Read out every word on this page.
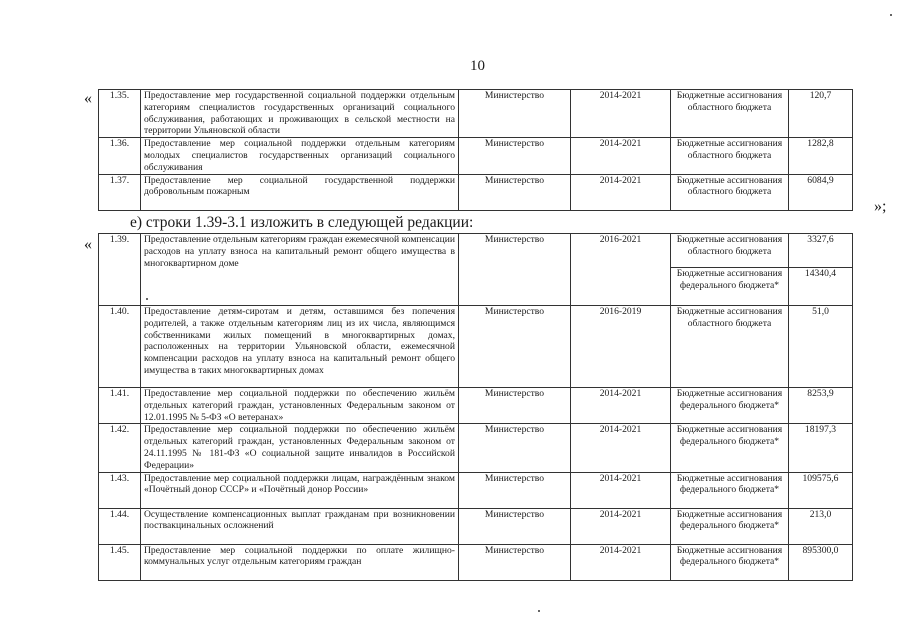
10
«
»;
е) строки 1.39-3.1 изложить в следующей редакции:
«
1.35.	Предоставление мер государственной социальной поддержки отдельным категориям специалистов государственных организаций социального обслуживания, работающих и проживающих в сельской местности на территории Ульяновской области	Министерство	2014-2021	Бюджетные ассигнования областного бюджета	120,7
1.36.	Предоставление мер социальной поддержки отдельным категориям молодых специалистов государственных организаций социального обслуживания	Министерство	2014-2021	Бюджетные ассигнования областного бюджета	1282,8
1.37.	Предоставление мер социальной государственной поддержки добровольным пожарным	Министерство	2014-2021	Бюджетные ассигнования областного бюджета	6084,9
1.39.	Предоставление отдельным категориям граждан ежемесячной компенсации расходов на уплату взноса на капитальный ремонт общего имущества в многоквартирном доме	Министерство	2016-2021	Бюджетные ассигнования областного бюджета	3327,6
				Бюджетные ассигнования федерального бюджета*	14340,4
1.40.	Предоставление детям-сиротам и детям, оставшимся без попечения родителей, а также отдельным категориям лиц из их числа, являющимся собственниками жилых помещений в многоквартирных домах, расположенных на территории Ульяновской области, ежемесячной компенсации расходов на уплату взноса на капитальный ремонт общего имущества в таких многоквартирных домах	Министерство	2016-2019	Бюджетные ассигнования областного бюджета	51,0
1.41.	Предоставление мер социальной поддержки по обеспечению жильём отдельных категорий граждан, установленных Федеральным законом от 12.01.1995 № 5-ФЗ «О ветеранах»	Министерство	2014-2021	Бюджетные ассигнования федерального бюджета*	8253,9
1.42.	Предоставление мер социальной поддержки по обеспечению жильём отдельных категорий граждан, установленных Федеральным законом от 24.11.1995 № 181-ФЗ «О социальной защите инвалидов в Российской Федерации»	Министерство	2014-2021	Бюджетные ассигнования федерального бюджета*	18197,3
1.43.	Предоставление мер социальной поддержки лицам, награждённым знаком «Почётный донор СССР» и «Почётный донор России»	Министерство	2014-2021	Бюджетные ассигнования федерального бюджета*	109575,6
1.44.	Осуществление компенсационных выплат гражданам при возникновении поствакцинальных осложнений	Министерство	2014-2021	Бюджетные ассигнования федерального бюджета*	213,0
1.45.	Предоставление мер социальной поддержки по оплате жилищно-коммунальных услуг отдельным категориям граждан	Министерство	2014-2021	Бюджетные ассигнования федерального бюджета*	895300,0
